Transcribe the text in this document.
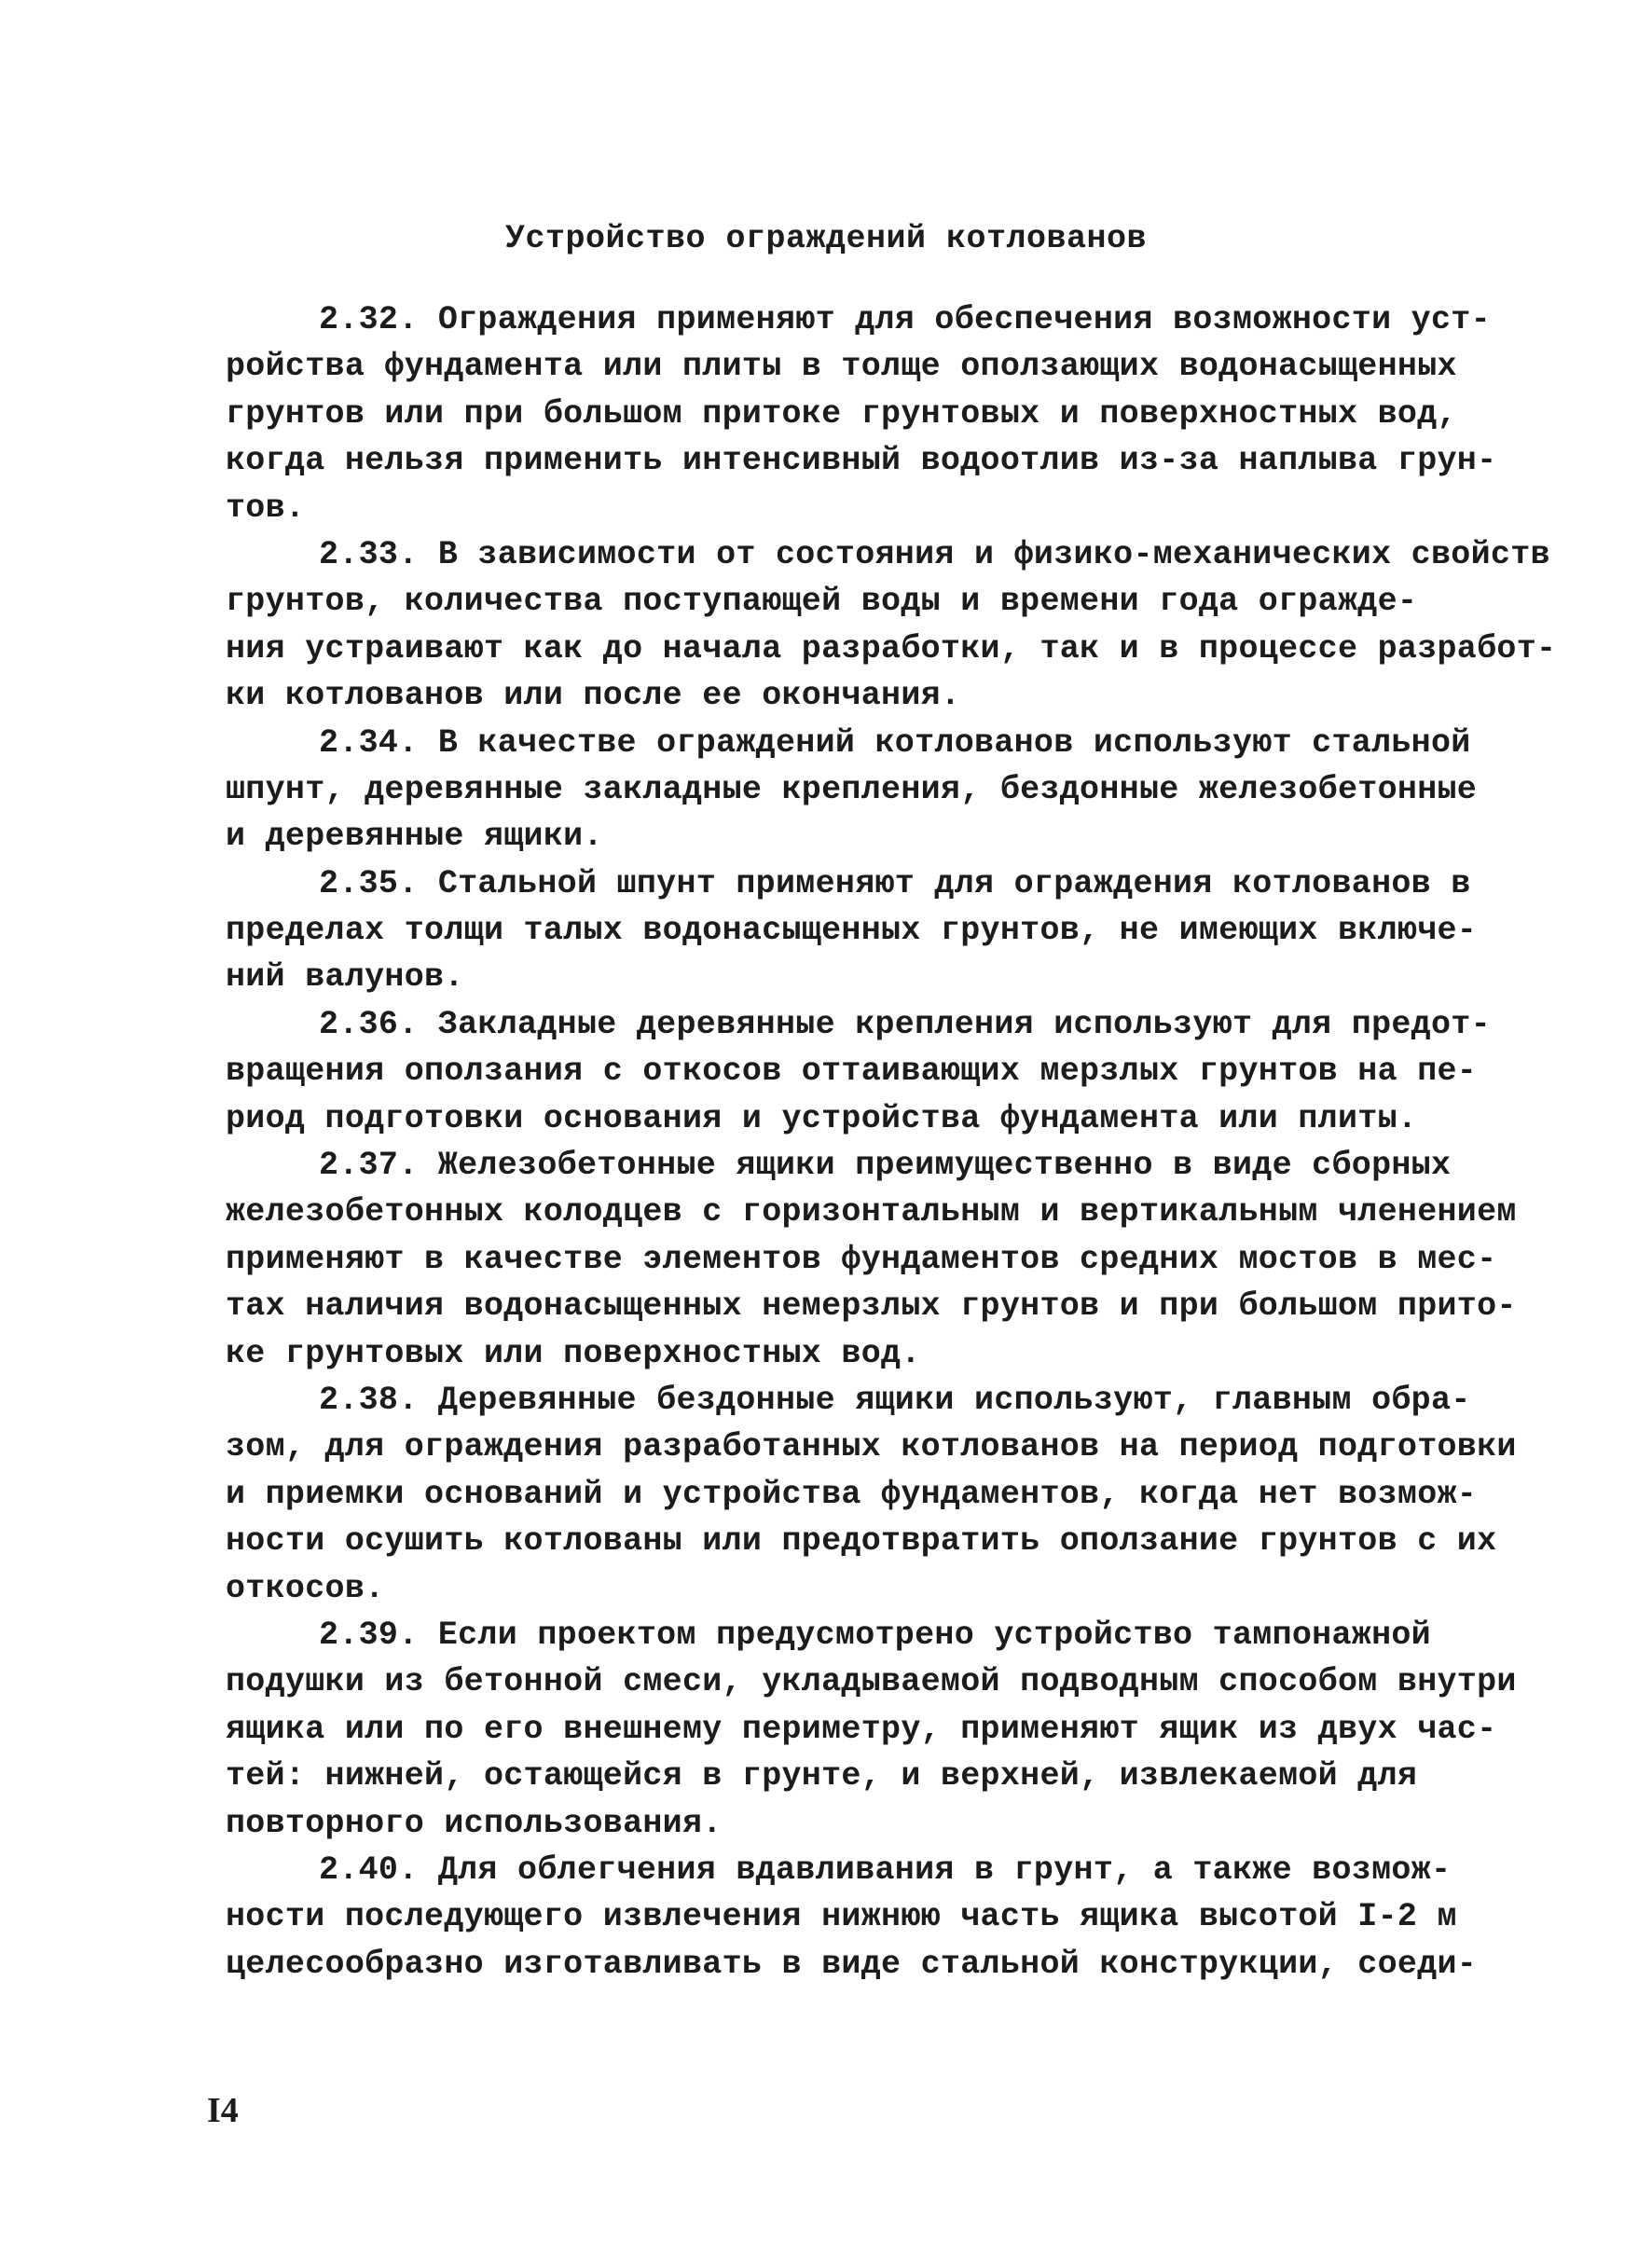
Устройство ограждений котлованов
2.32. Ограждения применяют для обеспечения возможности уст-
ройства фундамента или плиты в толще оползающих водонасыщенных
грунтов или при большом притоке грунтовых и поверхностных вод,
когда нельзя применить интенсивный водоотлив из-за наплыва грун-
тов.
2.33. В зависимости от состояния и физико-механических свойств
грунтов, количества поступающей воды и времени года огражде-
ния устраивают как до начала разработки, так и в процессе разработ-
ки котлованов или после ее окончания.
2.34. В качестве ограждений котлованов используют стальной
шпунт, деревянные закладные крепления, бездонные железобетонные
и деревянные ящики.
2.35. Стальной шпунт применяют для ограждения котлованов в
пределах толщи талых водонасыщенных грунтов, не имеющих включе-
ний валунов.
2.36. Закладные деревянные крепления используют для предот-
вращения оползания с откосов оттаивающих мерзлых грунтов на пе-
риод подготовки основания и устройства фундамента или плиты.
2.37. Железобетонные ящики преимущественно в виде сборных
железобетонных колодцев с горизонтальным и вертикальным членением
применяют в качестве элементов фундаментов средних мостов в мес-
тах наличия водонасыщенных немерзлых грунтов и при большом прито-
ке грунтовых или поверхностных вод.
2.38. Деревянные бездонные ящики используют, главным обра-
зом, для ограждения разработанных котлованов на период подготовки
и приемки оснований и устройства фундаментов, когда нет возмож-
ности осушить котлованы или предотвратить оползание грунтов с их
откосов.
2.39. Если проектом предусмотрено устройство тампонажной
подушки из бетонной смеси, укладываемой подводным способом внутри
ящика или по его внешнему периметру, применяют ящик из двух час-
тей: нижней, остающейся в грунте, и верхней, извлекаемой для
повторного использования.
2.40. Для облегчения вдавливания в грунт, а также возмож-
ности последующего извлечения нижнюю часть ящика высотой I-2 м
целесообразно изготавливать в виде стальной конструкции, соеди-
I4
